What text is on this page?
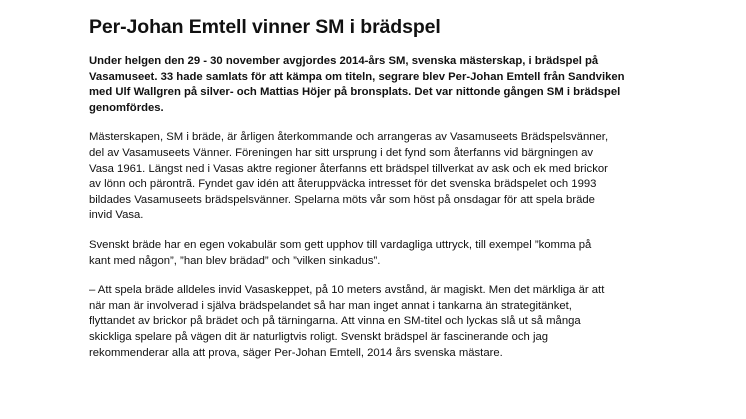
Per-Johan Emtell vinner SM i brädspel

Under helgen den 29 - 30 november avgjordes 2014-års SM, svenska mästerskap, i brädspel på
Vasamuseet. 33 hade samlats för att kämpa om titeln, segrare blev Per-Johan Emtell från Sandviken
med Ulf Wallgren på silver- och Mattias Höjer på bronsplats. Det var nittonde gången SM i brädspel
genomfördes.

Mästerskapen, SM i bräde, är årligen återkommande och arrangeras av Vasamuseets Brädspelsvänner,
del av Vasamuseets Vänner. Föreningen har sitt ursprung i det fynd som återfanns vid bärgningen av
Vasa 1961. Längst ned i Vasas aktre regioner återfanns ett brädspel tillverkat av ask och ek med brickor
av lönn och pärontrã. Fyndet gav idén att återuppväcka intresset för det svenska brädspelet och 1993
bildades Vasamuseets brädspelsvänner. Spelarna möts vår som höst på onsdagar för att spela bräde
invid Vasa.

Svenskt bräde har en egen vokabulär som gett upphov till vardagliga uttryck, till exempel ”komma på
kant med någon”, ”han blev brädad” och ”vilken sinkadus”.

– Att spela bräde alldeles invid Vasaskeppet, på 10 meters avstånd, är magiskt. Men det märkliga är att
när man är involverad i själva brädspelandet så har man inget annat i tankarna än strategitänket,
flyttandet av brickor på brädet och på tärningarna. Att vinna en SM-titel och lyckas slå ut så många
skickliga spelare på vägen dit är naturligtvis roligt. Svenskt brädspel är fascinerande och jag
rekommenderar alla att prova, säger Per-Johan Emtell, 2014 års svenska mästare.
